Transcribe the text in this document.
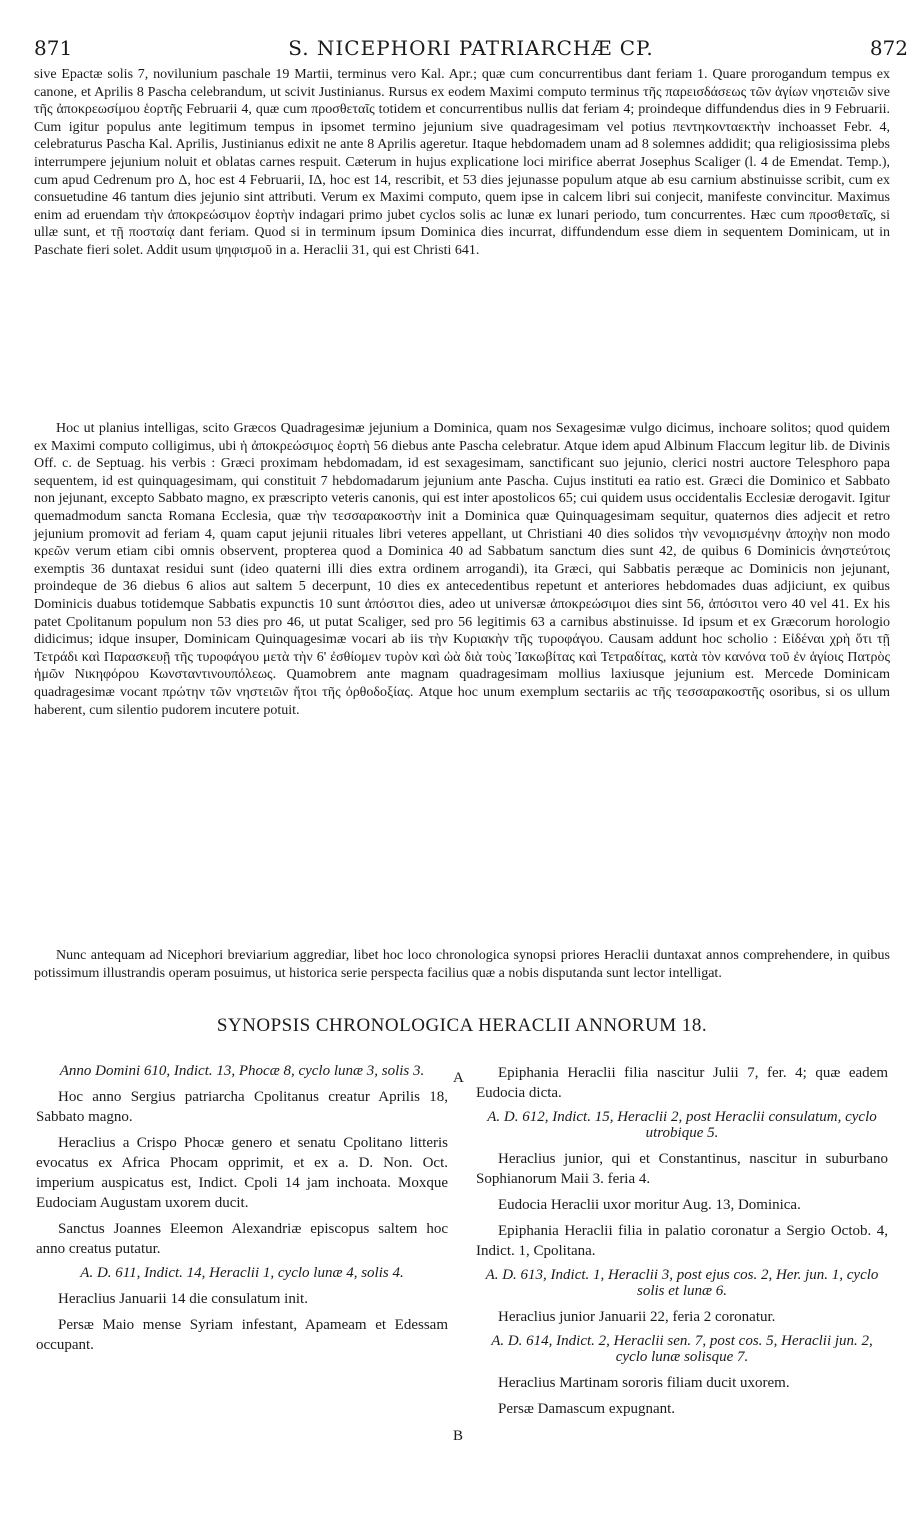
871	S. NICEPHORI PATRIARCHÆ CP.	872

sive Epactæ solis 7, novilunium paschale 19 Martii, terminus vero Kal. Apr.; quæ cum concurrentibus dant feriam 1. Quare prorogandum tempus ex canone, et Aprilis 8 Pascha celebrandum, ut scivit Justinianus. Rursus ex eodem Maximi computo terminus τῆς παρεισδάσεως τῶν ἁγίων νηστειῶν sive τῆς ἀποκρεωσίμου ἑορτῆς Februarii 4, quæ cum προσθεταῖς totidem et concurrentibus nullis dat feriam 4; proindeque diffundendus dies in 9 Februarii. Cum igitur populus ante legitimum tempus in ipsomet termino jejunium sive quadragesimam vel potius πεντηκονταεκτὴν inchoasset Febr. 4, celebraturus Pascha Kal. Aprilis, Justinianus edixit ne ante 8 Aprilis ageretur. Itaque hebdomadem unam ad 8 solemnes addidit; qua religiosissima plebs interrumpere jejunium noluit et oblatas carnes respuit. Cæterum in hujus explicatione loci mirifice aberrat Josephus Scaliger (l. 4 de Emendat. Temp.), cum apud Cedrenum pro Δ, hoc est 4 Februarii, ΙΔ, hoc est 14, rescribit, et 53 dies jejunasse populum atque ab esu carnium abstinuisse scribit, cum ex consuetudine 46 tantum dies jejunio sint attributi. Verum ex Maximi computo, quem ipse in calcem libri sui conjecit, manifeste convincitur. Maximus enim ad eruendam τὴν ἀποκρεώσιμον ἑορτὴν indagari primo jubet cyclos solis ac lunæ ex lunari periodo, tum concurrentes. Hæc cum προσθεταῖς, si ullæ sunt, et τῇ ποσταίᾳ dant feriam. Quod si in terminum ipsum Dominica dies incurrat, diffundendum esse diem in sequentem Dominicam, ut in Paschate fieri solet. Addit usum ψηφισμοῦ in a. Heraclii 31, qui est Christi 641.

Hoc ut planius intelligas, scito Græcos Quadragesimæ jejunium a Dominica, quam nos Sexagesimæ vulgo dicimus, inchoare solitos; quod quidem ex Maximi computo colligimus, ubi ἡ ἀποκρεώσιμος ἑορτὴ 56 diebus ante Pascha celebratur. Atque idem apud Albinum Flaccum legitur lib. de Divinis Off. c. de Septuag. his verbis : Græci proximam hebdomadam, id est sexagesimam, sanctificant suo jejunio, clerici nostri auctore Telesphoro papa sequentem, id est quinquagesimam, qui constituit 7 hebdomadarum jejunium ante Pascha. Cujus instituti ea ratio est. Græci die Dominico et Sabbato non jejunant, excepto Sabbato magno, ex præscripto veteris canonis, qui est inter apostolicos 65; cui quidem usus occidentalis Ecclesiæ derogavit. Igitur quemadmodum sancta Romana Ecclesia, quæ τὴν τεσσαρακοστὴν init a Dominica quæ Quinquagesimam sequitur, quaternos dies adjecit et retro jejunium promovit ad feriam 4, quam caput jejunii rituales libri veteres appellant, ut Christiani 40 dies solidos τὴν νενομισμένην ἀποχὴν non modo κρεῶν verum etiam cibi omnis observent, propterea quod a Dominica 40 ad Sabbatum sanctum dies sunt 42, de quibus 6 Dominicis ἀνηστεύτοις exemptis 36 duntaxat residui sunt (ideo quaterni illi dies extra ordinem arrogandi), ita Græci, qui Sabbatis peræque ac Dominicis non jejunant, proindeque de 36 diebus 6 alios aut saltem 5 decerpunt, 10 dies ex antecedentibus repetunt et anteriores hebdomades duas adjiciunt, ex quibus Dominicis duabus totidemque Sabbatis expunctis 10 sunt ἀπόσιτοι dies, adeo ut universæ ἀποκρεώσιμοι dies sint 56, ἀπόσιτοι vero 40 vel 41. Ex his patet Cpolitanum populum non 53 dies pro 46, ut putat Scaliger, sed pro 56 legitimis 63 a carnibus abstinuisse. Id ipsum et ex Græcorum horologio didicimus; idque insuper, Dominicam Quinquagesimæ vocari ab iis τὴν Κυριακὴν τῆς τυροφάγου. Causam addunt hoc scholio : Εἰδέναι χρὴ ὅτι τῇ Τετράδι καὶ Παρασκευῇ τῆς τυροφάγου μετὰ τὴν 6' ἐσθίομεν τυρὸν καὶ ὠὰ διὰ τοὺς Ἰακωβίτας καὶ Τετραδίτας, κατὰ τὸν κανόνα τοῦ ἐν ἁγίοις Πατρὸς ἡμῶν Νικηφόρου Κωνσταντινουπόλεως. Quamobrem ante magnam quadragesimam mollius laxiusque jejunium est. Mercede Dominicam quadragesimæ vocant πρώτην τῶν νηστειῶν ἤτοι τῆς ὀρθοδοξίας. Atque hoc unum exemplum sectariis ac τῆς τεσσαρακοστῆς osoribus, si os ullum haberent, cum silentio pudorem incutere potuit.

Nunc antequam ad Nicephori breviarium aggrediar, libet hoc loco chronologica synopsi priores Heraclii duntaxat annos comprehendere, in quibus potissimum illustrandis operam posuimus, ut historica serie perspecta facilius quæ a nobis disputanda sunt lector intelligat.

SYNOPSIS CHRONOLOGICA HERACLII ANNORUM 18.
A
B

Anno Domini 610, Indict. 13, Phocæ 8, cyclo lunæ 3, solis 3.

Hoc anno Sergius patriarcha Cpolitanus creatur Aprilis 18, Sabbato magno.

Heraclius a Crispo Phocæ genero et senatu Cpolitano litteris evocatus ex Africa Phocam opprimit, et ex a. D. Non. Oct. imperium auspicatus est, Indict. Cpoli 14 jam inchoata. Moxque Eudociam Augustam uxorem ducit.

Sanctus Joannes Eleemon Alexandriæ episcopus saltem hoc anno creatus putatur.

A. D. 611, Indict. 14, Heraclii 1, cyclo lunæ 4, solis 4.

Heraclius Januarii 14 die consulatum init.

Persæ Maio mense Syriam infestant, Apameam et Edessam occupant.

Epiphania Heraclii filia nascitur Julii 7, fer. 4; quæ eadem Eudocia dicta.

A. D. 612, Indict. 15, Heraclii 2, post Heraclii consulatum, cyclo utrobique 5.

Heraclius junior, qui et Constantinus, nascitur in suburbano Sophianorum Maii 3. feria 4.

Eudocia Heraclii uxor moritur Aug. 13, Dominica.

Epiphania Heraclii filia in palatio coronatur a Sergio Octob. 4, Indict. 1, Cpolitana.

A. D. 613, Indict. 1, Heraclii 3, post ejus cos. 2, Her. jun. 1, cyclo solis et lunæ 6.

Heraclius junior Januarii 22, feria 2 coronatur.

A. D. 614, Indict. 2, Heraclii sen. 7, post cos. 5, Heraclii jun. 2, cyclo lunæ solisque 7.

Heraclius Martinam sororis filiam ducit uxorem.

Persæ Damascum expugnant.
